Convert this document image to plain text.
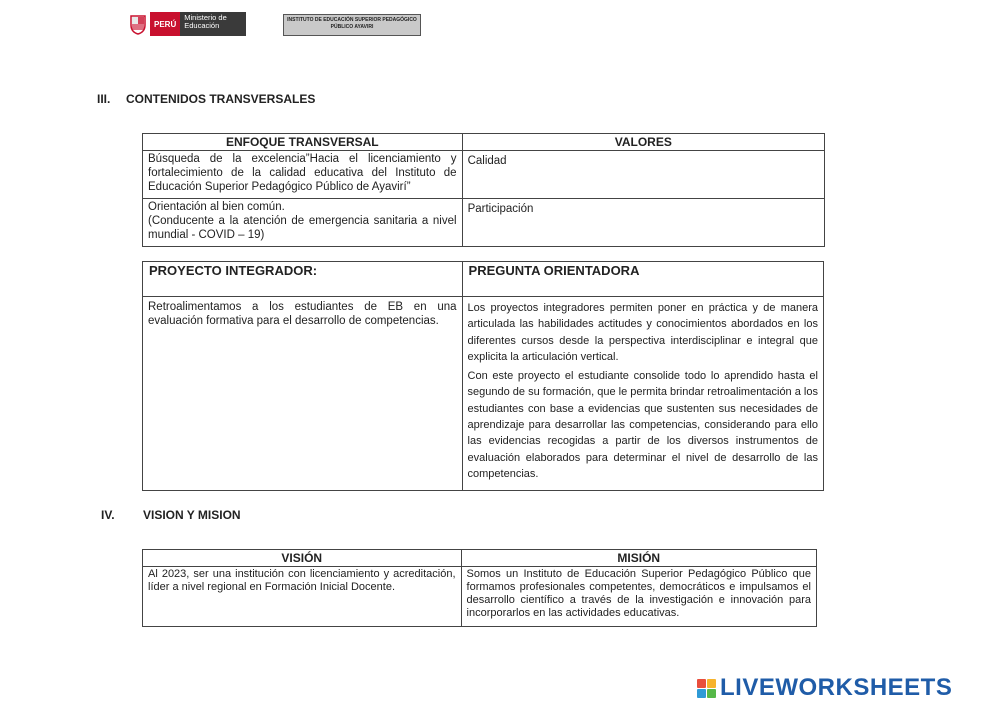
PERÚ
Ministerio de Educación
INSTITUTO DE EDUCACIÓN SUPERIOR PEDAGÓGICO PÚBLICO AYAVIRI
III. CONTENIDOS TRANSVERSALES
ENFOQUE TRANSVERSAL	VALORES
Búsqueda de la excelencia”Hacia el licenciamiento y fortalecimiento de la calidad educativa del Instituto de Educación Superior Pedagógico Público de Ayavirí”	Calidad

Orientación al bien común.
(Conducente a la atención de emergencia sanitaria a nivel mundial - COVID – 19)	Participación
PROYECTO INTEGRADOR:	PREGUNTA ORIENTADORA
Retroalimentamos a los estudiantes de EB en una evaluación formativa para el desarrollo de competencias.	Los proyectos integradores permiten poner en práctica y de manera articulada las habilidades actitudes y conocimientos abordados en los diferentes cursos desde la perspectiva interdisciplinar e integral que explicita la articulación vertical.
Con este proyecto el estudiante consolide todo lo aprendido hasta el segundo de su formación, que le permita brindar retroalimentación a los estudiantes con base a evidencias que sustenten sus necesidades de aprendizaje para desarrollar las competencias, considerando para ello las evidencias recogidas a partir de los diversos instrumentos de evaluación elaborados para determinar el nivel de desarrollo de las competencias.
IV. VISION Y MISION
VISIÓN	MISIÓN
Al 2023, ser una institución con licenciamiento y acreditación, líder a nivel regional en Formación Inicial Docente.	Somos un Instituto de Educación Superior Pedagógico Público que formamos profesionales competentes, democráticos e impulsamos el desarrollo científico a través de la investigación e innovación para incorporarlos en las actividades educativas.
LIVEWORKSHEETS
